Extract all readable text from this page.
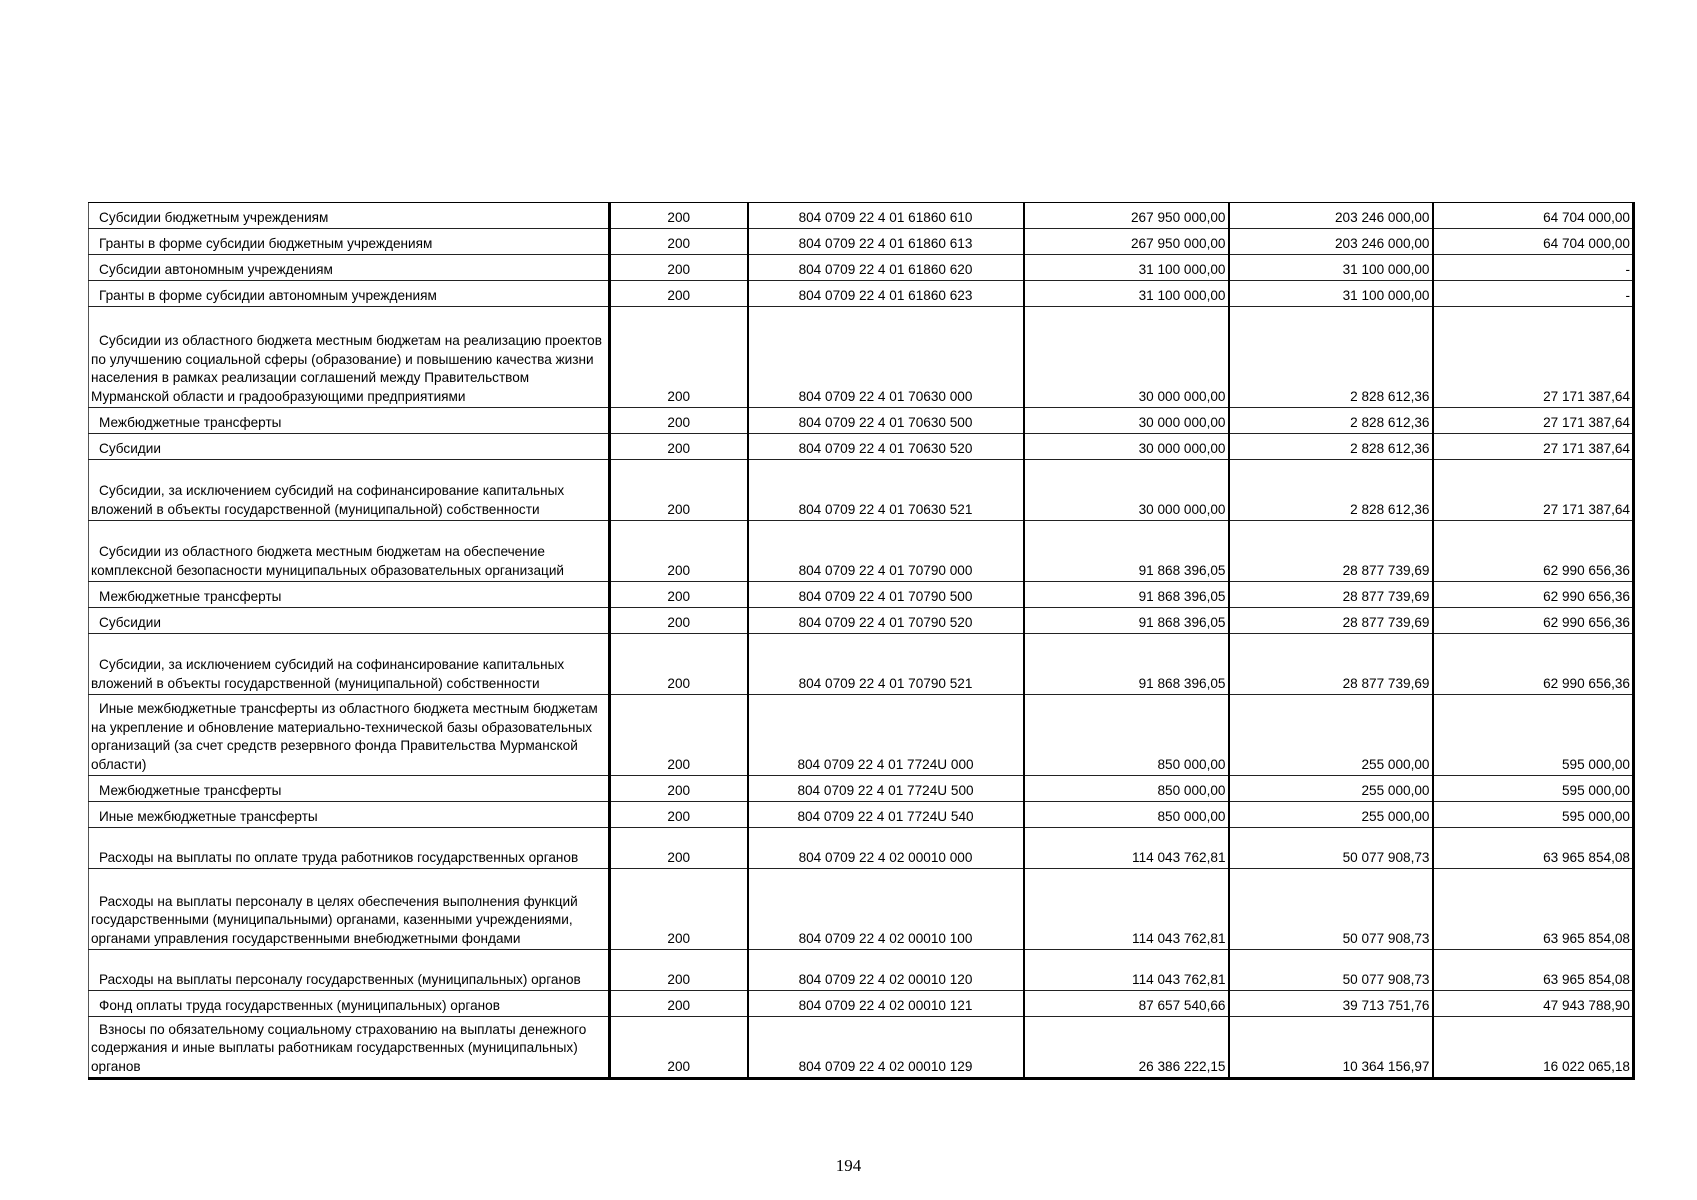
Субсидии бюджетным учреждениям	200	804 0709 22 4 01 61860 610	267 950 000,00	203 246 000,00	64 704 000,00
Гранты в форме субсидии бюджетным учреждениям	200	804 0709 22 4 01 61860 613	267 950 000,00	203 246 000,00	64 704 000,00
Субсидии автономным учреждениям	200	804 0709 22 4 01 61860 620	31 100 000,00	31 100 000,00	-
Гранты в форме субсидии автономным учреждениям	200	804 0709 22 4 01 61860 623	31 100 000,00	31 100 000,00	-
Субсидии из областного бюджета местным бюджетам на реализацию проектов по улучшению социальной сферы (образование) и повышению качества жизни населения в рамках реализации соглашений между Правительством Мурманской области и градообразующими предприятиями	200	804 0709 22 4 01 70630 000	30 000 000,00	2 828 612,36	27 171 387,64
Межбюджетные трансферты	200	804 0709 22 4 01 70630 500	30 000 000,00	2 828 612,36	27 171 387,64
Субсидии	200	804 0709 22 4 01 70630 520	30 000 000,00	2 828 612,36	27 171 387,64
Субсидии, за исключением субсидий на софинансирование капитальных вложений в объекты государственной (муниципальной) собственности	200	804 0709 22 4 01 70630 521	30 000 000,00	2 828 612,36	27 171 387,64
Субсидии из областного бюджета местным бюджетам на обеспечение комплексной безопасности муниципальных образовательных организаций	200	804 0709 22 4 01 70790 000	91 868 396,05	28 877 739,69	62 990 656,36
Межбюджетные трансферты	200	804 0709 22 4 01 70790 500	91 868 396,05	28 877 739,69	62 990 656,36
Субсидии	200	804 0709 22 4 01 70790 520	91 868 396,05	28 877 739,69	62 990 656,36
Субсидии, за исключением субсидий на софинансирование капитальных вложений в объекты государственной (муниципальной) собственности	200	804 0709 22 4 01 70790 521	91 868 396,05	28 877 739,69	62 990 656,36
Иные межбюджетные трансферты из областного бюджета местным бюджетам на укрепление и обновление материально-технической базы образовательных организаций (за счет средств резервного фонда Правительства Мурманской области)	200	804 0709 22 4 01 7724U 000	850 000,00	255 000,00	595 000,00
Межбюджетные трансферты	200	804 0709 22 4 01 7724U 500	850 000,00	255 000,00	595 000,00
Иные межбюджетные трансферты	200	804 0709 22 4 01 7724U 540	850 000,00	255 000,00	595 000,00
Расходы на выплаты по оплате труда работников государственных органов	200	804 0709 22 4 02 00010 000	114 043 762,81	50 077 908,73	63 965 854,08
Расходы на выплаты персоналу в целях обеспечения выполнения функций государственными (муниципальными) органами, казенными учреждениями, органами управления государственными внебюджетными фондами	200	804 0709 22 4 02 00010 100	114 043 762,81	50 077 908,73	63 965 854,08
Расходы на выплаты персоналу государственных (муниципальных) органов	200	804 0709 22 4 02 00010 120	114 043 762,81	50 077 908,73	63 965 854,08
Фонд оплаты труда государственных (муниципальных) органов	200	804 0709 22 4 02 00010 121	87 657 540,66	39 713 751,76	47 943 788,90
Взносы по обязательному социальному страхованию на выплаты денежного содержания и иные выплаты работникам государственных (муниципальных) органов	200	804 0709 22 4 02 00010 129	26 386 222,15	10 364 156,97	16 022 065,18
194
